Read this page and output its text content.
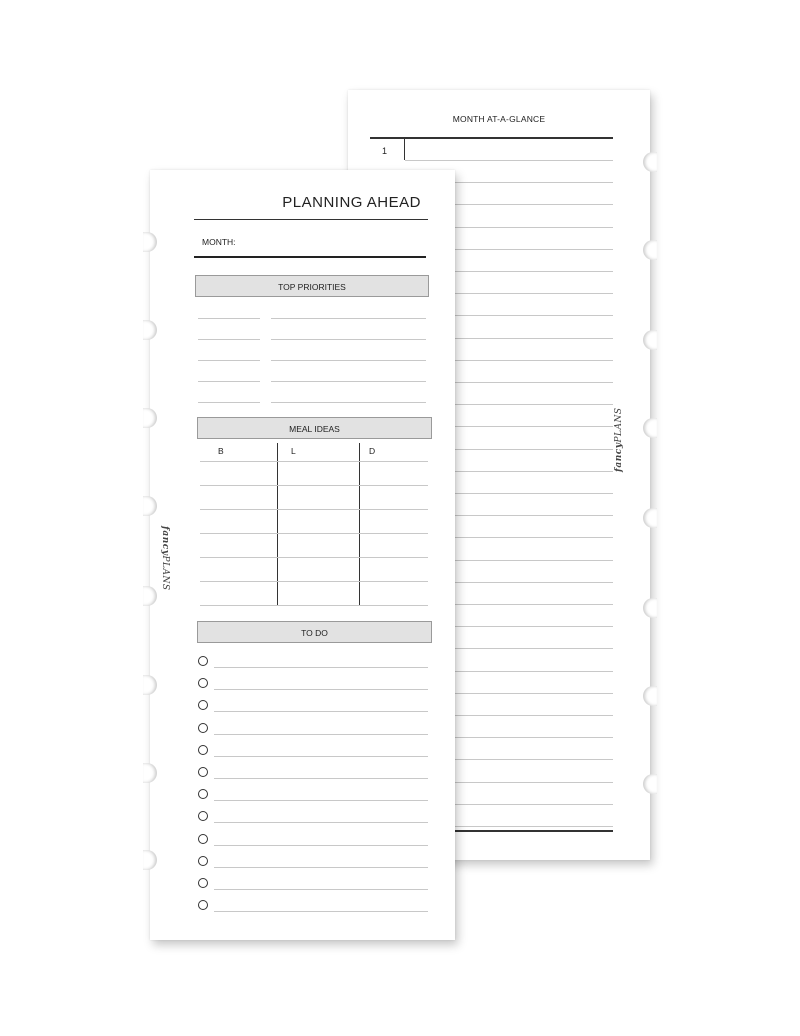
MONTH AT-A-GLANCE
1
fancyPLANS
PLANNING AHEAD
MONTH:
TOP PRIORITIES
MEAL IDEAS
B	L	D
TO DO
fancyPLANS
